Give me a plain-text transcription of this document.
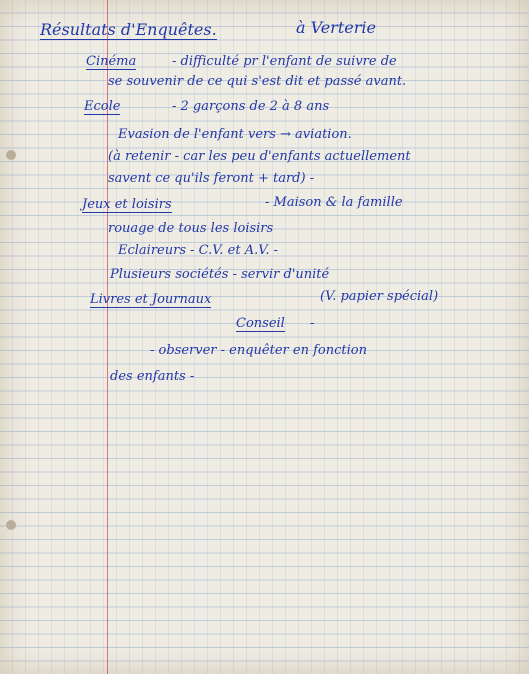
Résultats d'Enquêtes.	à Verterie
Cinéma	- difficulté pr l'enfant de suivre de
se souvenir de ce qui s'est dit et passé avant.
Ecole	- 2 garçons de 2 à 8 ans
Evasion de l'enfant vers → aviation.
(à retenir - car les peu d'enfants actuellement
savent ce qu'ils feront + tard) -
Jeux et loisirs	- Maison & la famille
rouage de tous les loisirs
Eclaireurs - C.V. et A.V. -
Plusieurs sociétés - servir d'unité
Livres et Journaux	(V. papier spécial)
Conseil -
- observer - enquêter en fonction
des enfants -
